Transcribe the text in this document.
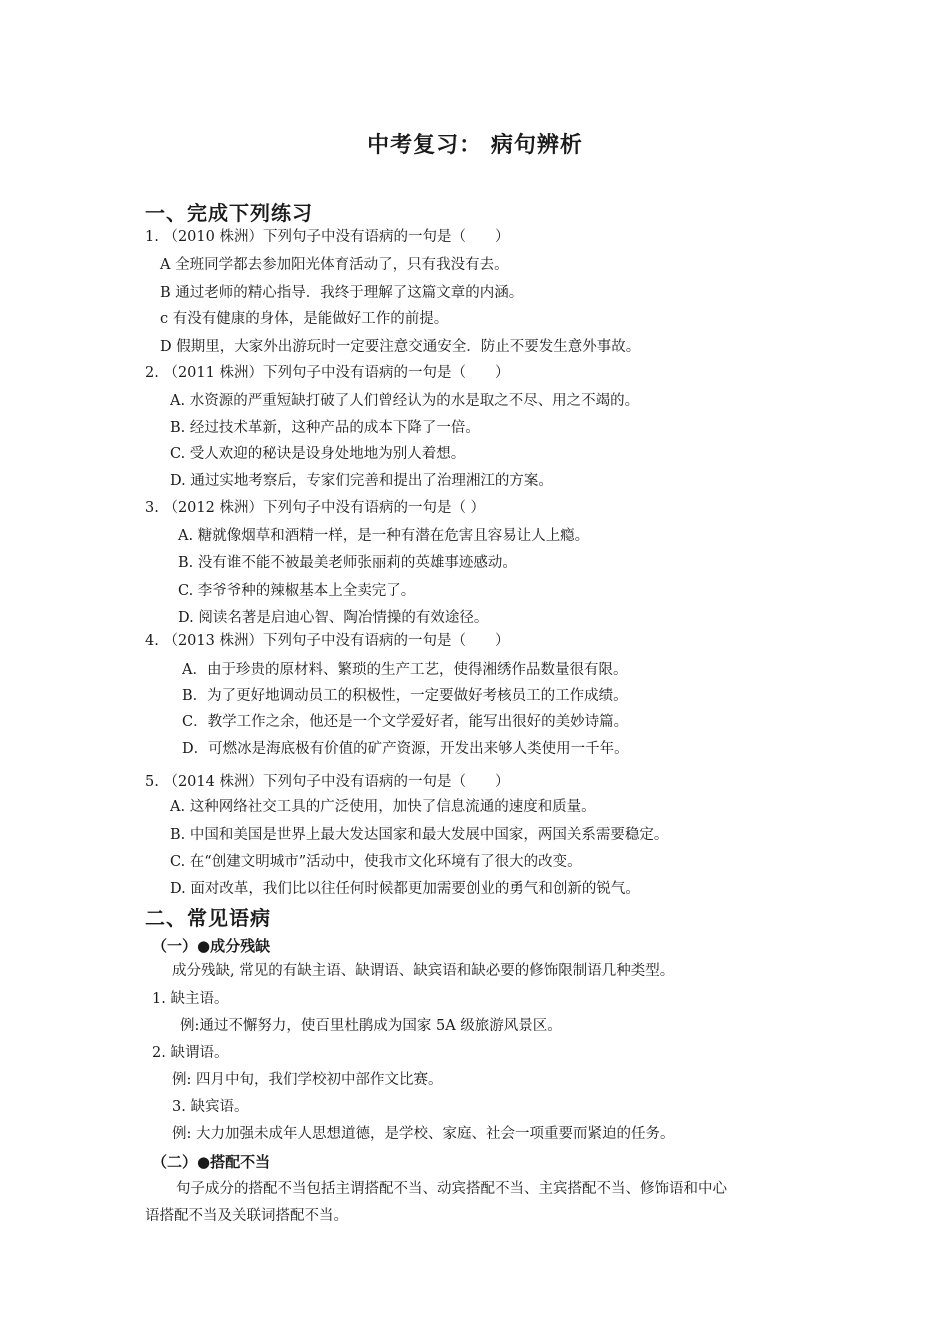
中考复习： 病句辨析
一、完成下列练习
1. （2010 株洲）下列句子中没有语病的一句是（　　）
A 全班同学都去参加阳光体育活动了，只有我没有去。
B 通过老师的精心指导．我终于理解了这篇文章的内涵。
c 有没有健康的身体，是能做好工作的前提。
D 假期里，大家外出游玩时一定要注意交通安全．防止不要发生意外事故。
2. （2011 株洲）下列句子中没有语病的一句是（　　）
A. 水资源的严重短缺打破了人们曾经认为的水是取之不尽、用之不竭的。
B. 经过技术革新，这种产品的成本下降了一倍。
C. 受人欢迎的秘诀是设身处地地为别人着想。
D. 通过实地考察后，专家们完善和提出了治理湘江的方案。
3. （2012 株洲）下列句子中没有语病的一句是（ ）
A. 糖就像烟草和酒精一样，是一种有潜在危害且容易让人上瘾。
B. 没有谁不能不被最美老师张丽莉的英雄事迹感动。
C. 李爷爷种的辣椒基本上全卖完了。
D. 阅读名著是启迪心智、陶冶情操的有效途径。
4. （2013 株洲）下列句子中没有语病的一句是（　　）
A．由于珍贵的原材料、繁琐的生产工艺，使得湘绣作品数量很有限。
B．为了更好地调动员工的积极性，一定要做好考核员工的工作成绩。
C．教学工作之余，他还是一个文学爱好者，能写出很好的美妙诗篇。
D．可燃冰是海底极有价值的矿产资源，开发出来够人类使用一千年。
5. （2014 株洲）下列句子中没有语病的一句是（　　）
A. 这种网络社交工具的广泛使用，加快了信息流通的速度和质量。
B. 中国和美国是世界上最大发达国家和最大发展中国家，两国关系需要稳定。
C. 在“创建文明城市”活动中，使我市文化环境有了很大的改变。
D. 面对改革，我们比以往任何时候都更加需要创业的勇气和创新的锐气。
二、常见语病
（一）●成分残缺
成分残缺, 常见的有缺主语、缺谓语、缺宾语和缺必要的修饰限制语几种类型。
1. 缺主语。
例:通过不懈努力，使百里杜鹃成为国家 5A 级旅游风景区。
2. 缺谓语。
例: 四月中旬，我们学校初中部作文比赛。
3. 缺宾语。
例: 大力加强未成年人思想道德，是学校、家庭、社会一项重要而紧迫的任务。
（二）●搭配不当
句子成分的搭配不当包括主谓搭配不当、动宾搭配不当、主宾搭配不当、修饰语和中心
语搭配不当及关联词搭配不当。
